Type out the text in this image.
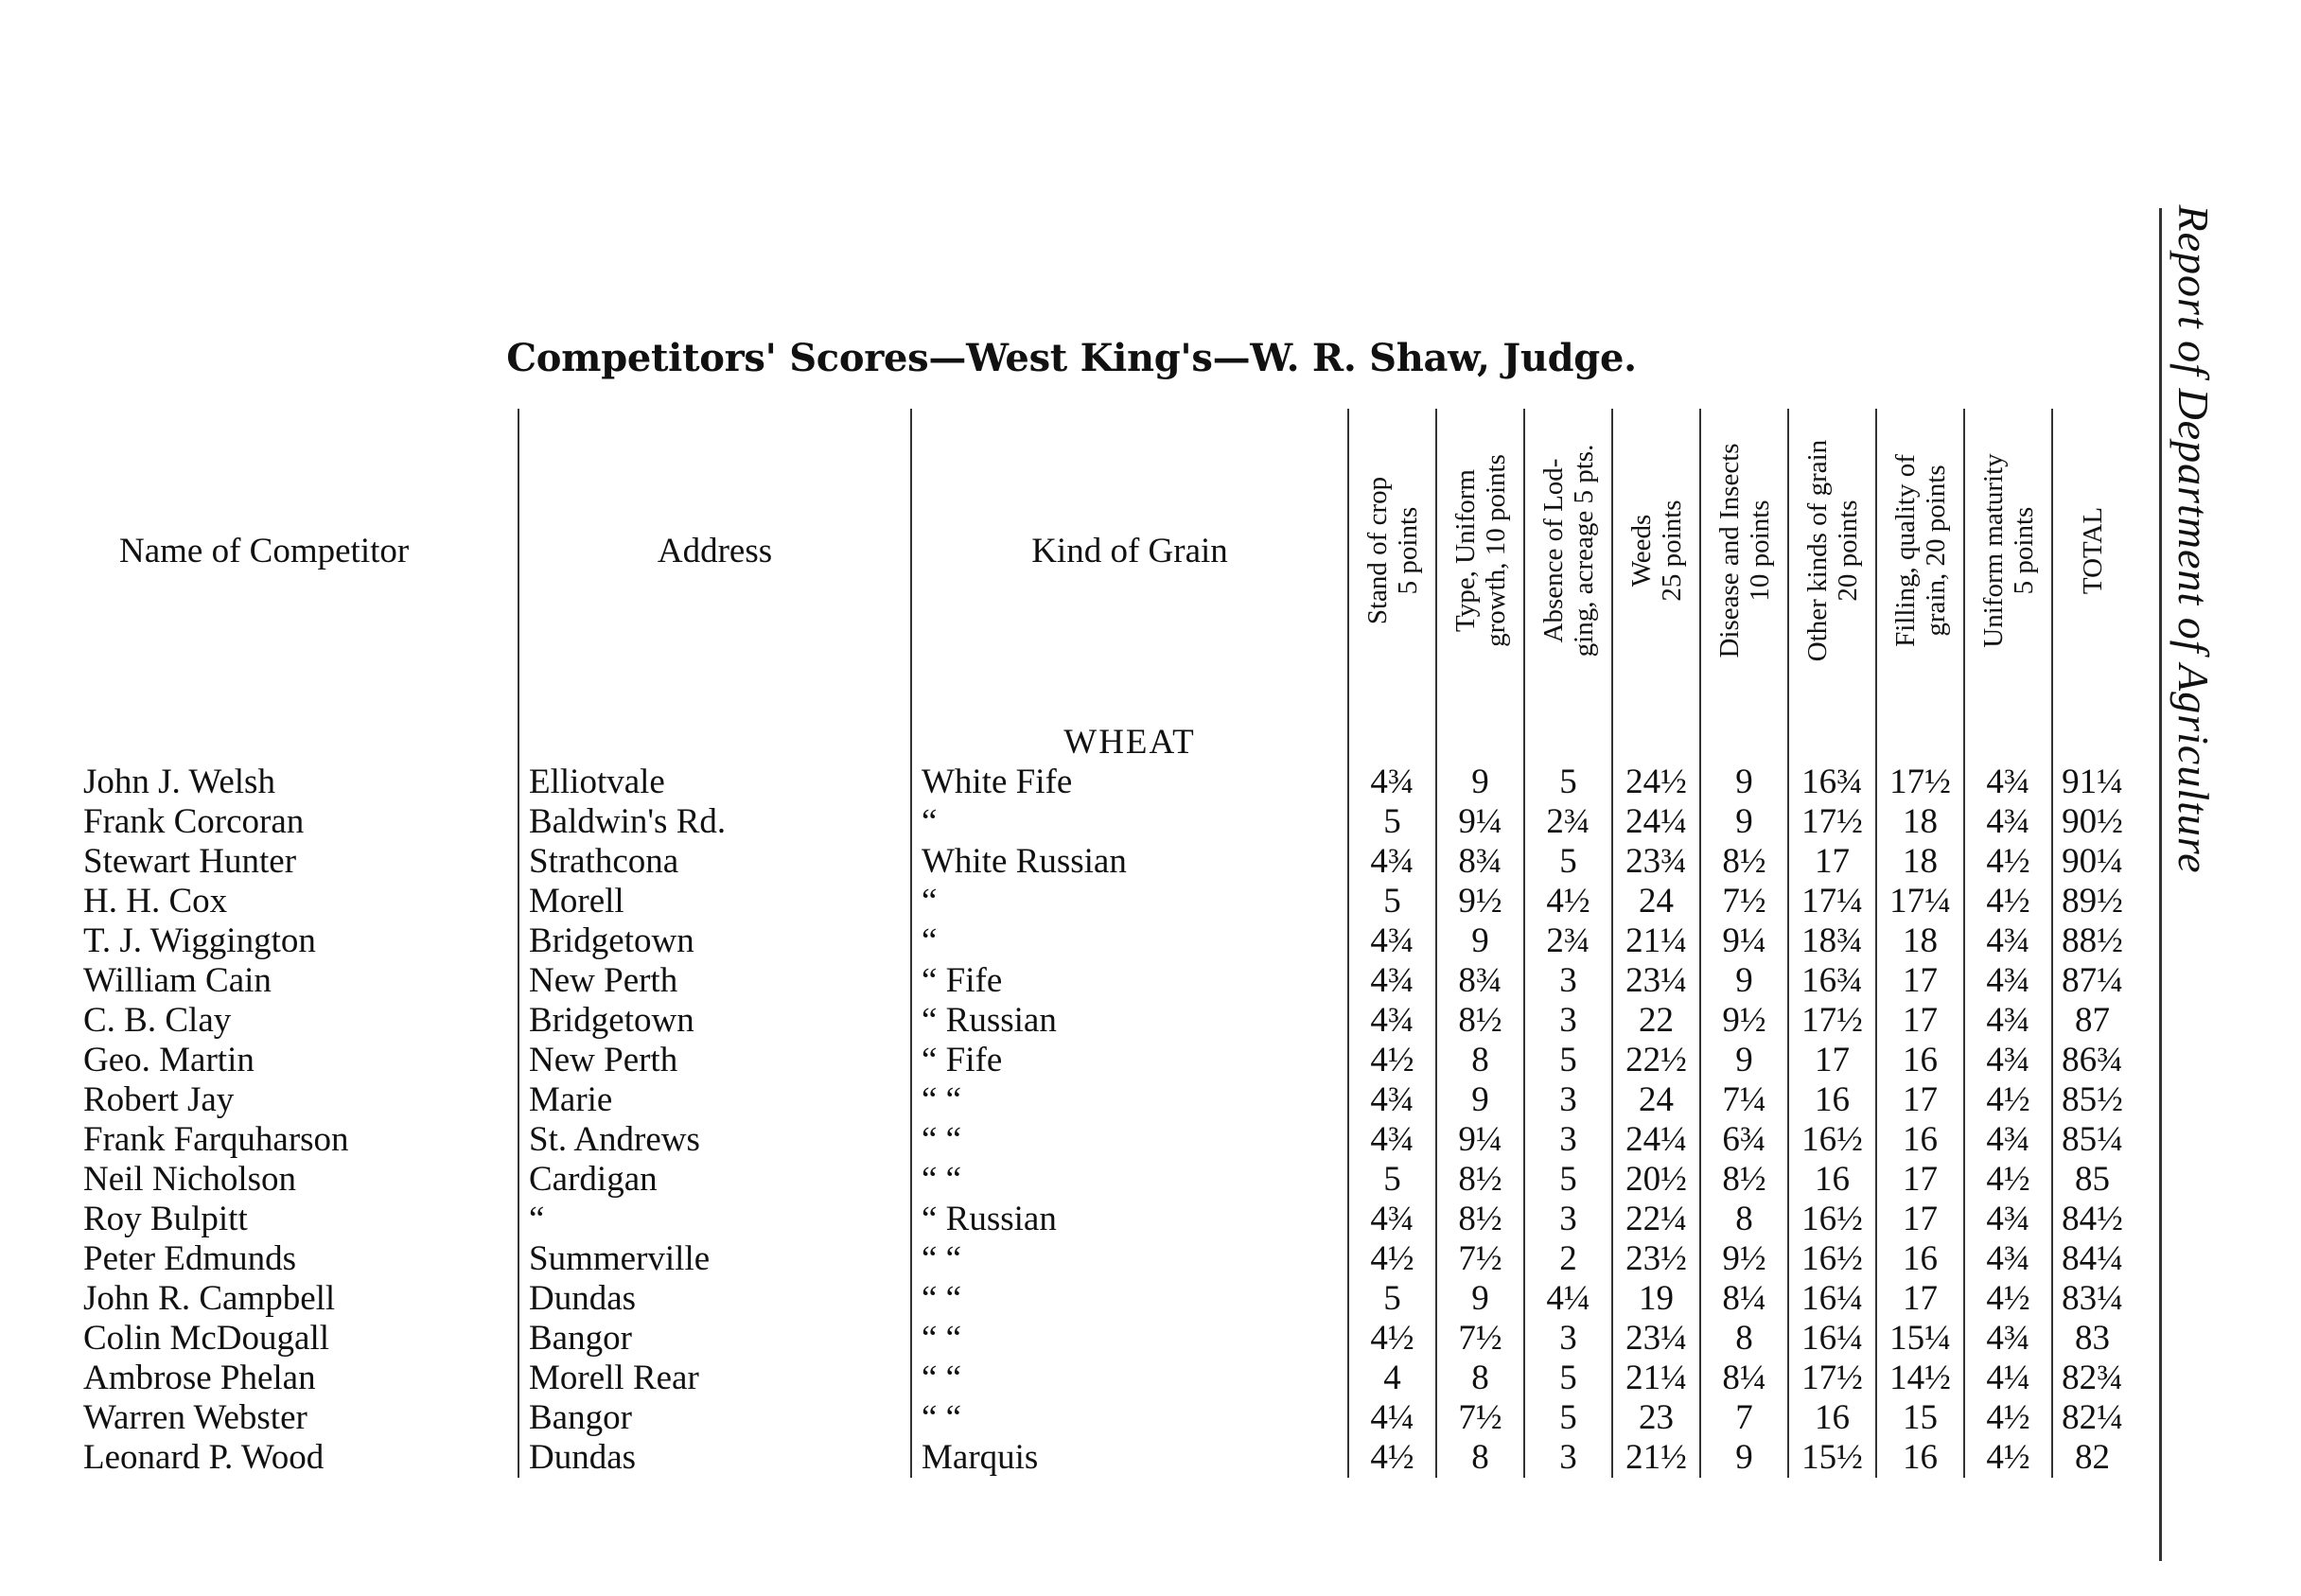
Competitors' Scores—West King's—W. R. Shaw, Judge.
Name of Competitor	Address	Kind of Grain	Stand of crop 5 points	Type, Uniform growth, 10 points	Absence of Lod- ging, acreage 5 pts.	Weeds 25 points	Disease and Insects 10 points	Other kinds of grain 20 points	Filling, quality of grain, 20 points	Uniform maturity 5 points	TOTAL

		WHEAT									
John J. Welsh	Elliotvale	White Fife	4¾	9	5	24½	9	16¾	17½	4¾	91¼
Frank Corcoran	Baldwin's Rd.	“	5	9¼	2¾	24¼	9	17½	18	4¾	90½
Stewart Hunter	Strathcona	White Russian	4¾	8¾	5	23¾	8½	17	18	4½	90¼
H. H. Cox	Morell	“	5	9½	4½	24	7½	17¼	17¼	4½	89½
T. J. Wiggington	Bridgetown	“	4¾	9	2¾	21¼	9¼	18¾	18	4¾	88½
William Cain	New Perth	“ Fife	4¾	8¾	3	23¼	9	16¾	17	4¾	87¼
C. B. Clay	Bridgetown	“ Russian	4¾	8½	3	22	9½	17½	17	4¾	87
Geo. Martin	New Perth	“ Fife	4½	8	5	22½	9	17	16	4¾	86¾
Robert Jay	Marie	“ “	4¾	9	3	24	7¼	16	17	4½	85½
Frank Farquharson	St. Andrews	“ “	4¾	9¼	3	24¼	6¾	16½	16	4¾	85¼
Neil Nicholson	Cardigan	“ “	5	8½	5	20½	8½	16	17	4½	85
Roy Bulpitt	“	“ Russian	4¾	8½	3	22¼	8	16½	17	4¾	84½
Peter Edmunds	Summerville	“ “	4½	7½	2	23½	9½	16½	16	4¾	84¼
John R. Campbell	Dundas	“ “	5	9	4¼	19	8¼	16¼	17	4½	83¼
Colin McDougall	Bangor	“ “	4½	7½	3	23¼	8	16¼	15¼	4¾	83
Ambrose Phelan	Morell Rear	“ “	4	8	5	21¼	8¼	17½	14½	4¼	82¾
Warren Webster	Bangor	“ “	4¼	7½	5	23	7	16	15	4½	82¼
Leonard P. Wood	Dundas	Marquis	4½	8	3	21½	9	15½	16	4½	82
Report of Department of Agriculture
